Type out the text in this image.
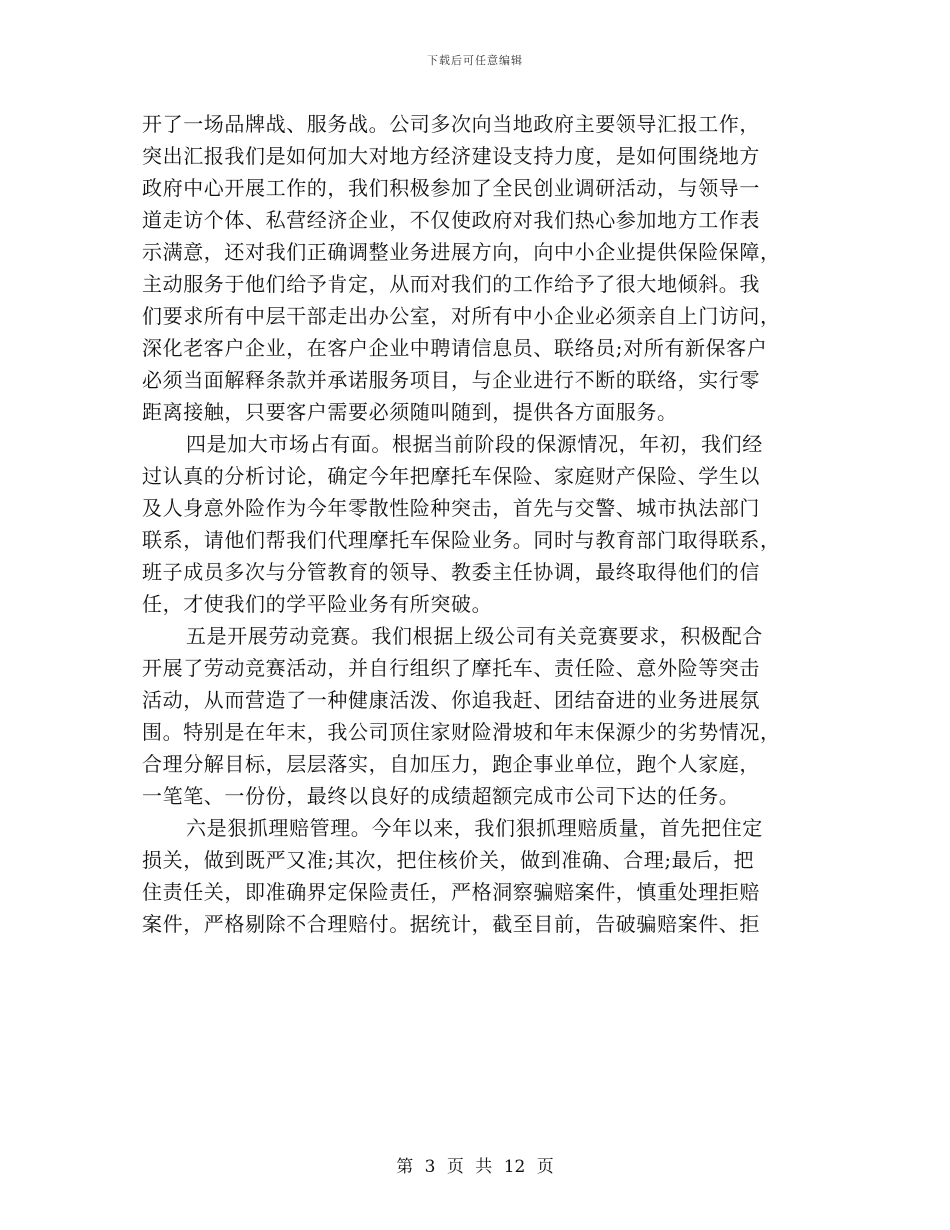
下载后可任意编辑
开了一场品牌战、服务战。公司多次向当地政府主要领导汇报工作，
突出汇报我们是如何加大对地方经济建设支持力度，是如何围绕地方
政府中心开展工作的，我们积极参加了全民创业调研活动，与领导一
道走访个体、私营经济企业，不仅使政府对我们热心参加地方工作表
示满意，还对我们正确调整业务进展方向，向中小企业提供保险保障，
主动服务于他们给予肯定，从而对我们的工作给予了很大地倾斜。我
们要求所有中层干部走出办公室，对所有中小企业必须亲自上门访问，
深化老客户企业，在客户企业中聘请信息员、联络员;对所有新保客户
必须当面解释条款并承诺服务项目，与企业进行不断的联络，实行零
距离接触，只要客户需要必须随叫随到，提供各方面服务。
四是加大市场占有面。根据当前阶段的保源情况，年初，我们经
过认真的分析讨论，确定今年把摩托车保险、家庭财产保险、学生以
及人身意外险作为今年零散性险种突击，首先与交警、城市执法部门
联系，请他们帮我们代理摩托车保险业务。同时与教育部门取得联系，
班子成员多次与分管教育的领导、教委主任协调，最终取得他们的信
任，才使我们的学平险业务有所突破。
五是开展劳动竞赛。我们根据上级公司有关竞赛要求，积极配合
开展了劳动竞赛活动，并自行组织了摩托车、责任险、意外险等突击
活动，从而营造了一种健康活泼、你追我赶、团结奋进的业务进展氛
围。特别是在年末，我公司顶住家财险滑坡和年末保源少的劣势情况，
合理分解目标，层层落实，自加压力，跑企事业单位，跑个人家庭，
一笔笔、一份份，最终以良好的成绩超额完成市公司下达的任务。
六是狠抓理赔管理。今年以来，我们狠抓理赔质量，首先把住定
损关，做到既严又准;其次，把住核价关，做到准确、合理;最后，把
住责任关，即准确界定保险责任，严格洞察骗赔案件，慎重处理拒赔
案件，严格剔除不合理赔付。据统计，截至目前，告破骗赔案件、拒
第 3 页 共 12 页
